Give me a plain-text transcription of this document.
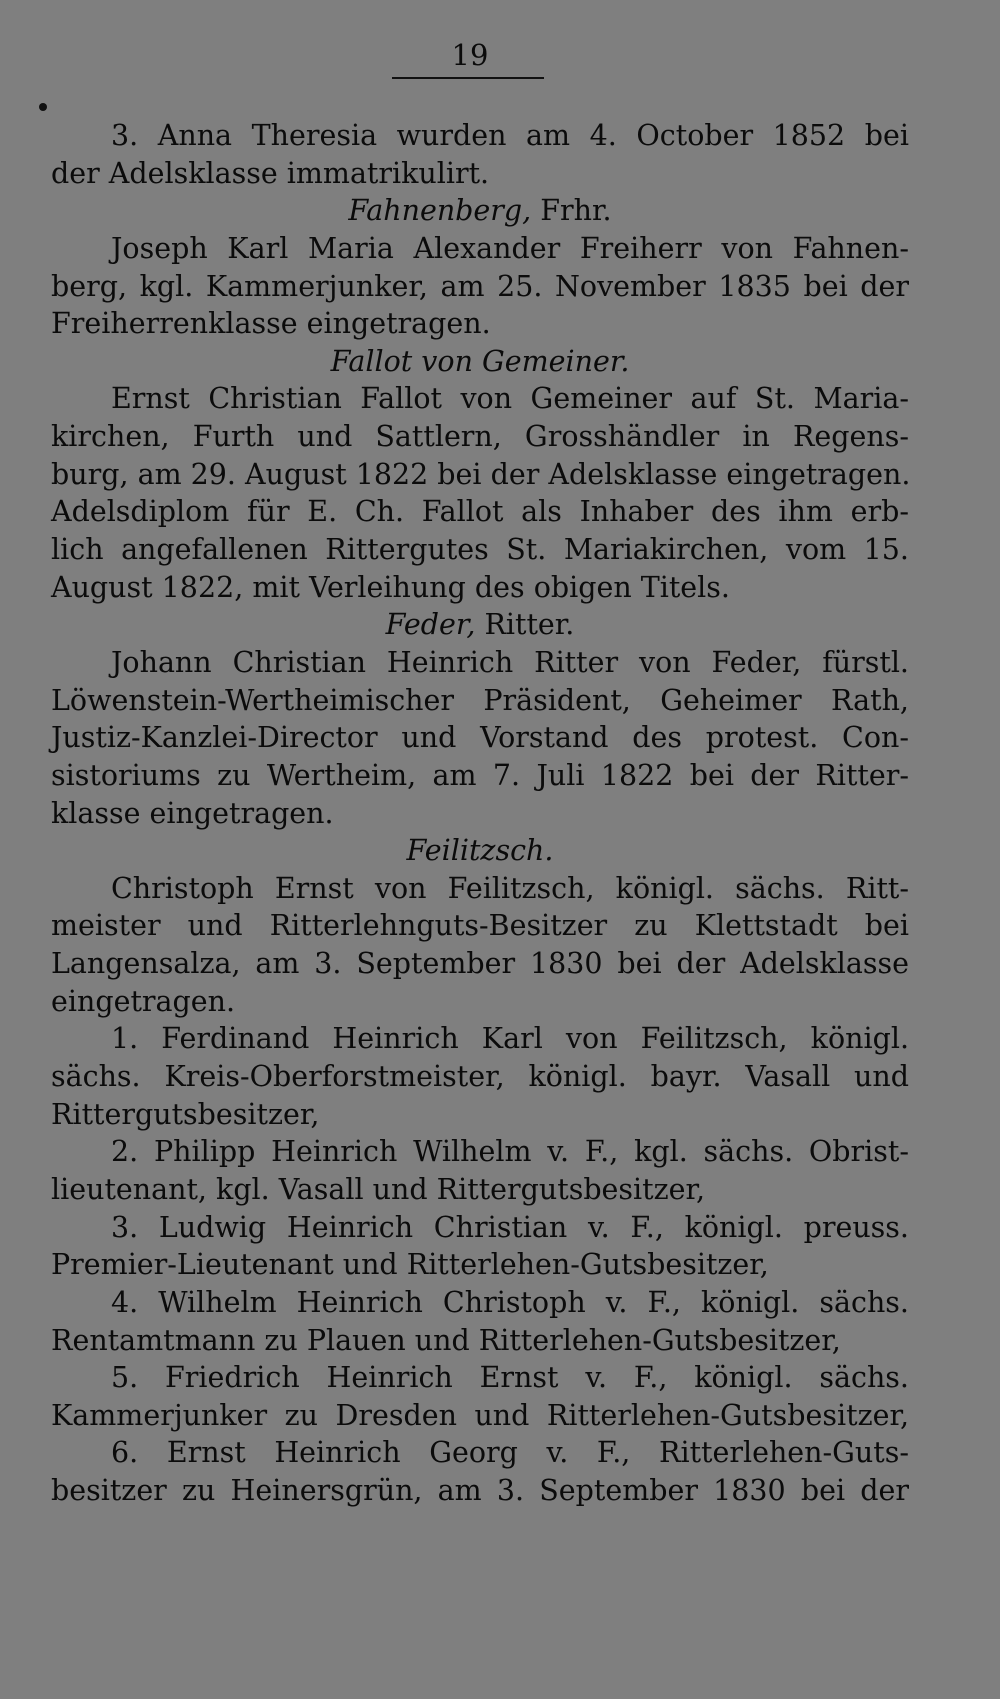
19
3. Anna Theresia wurden am 4. October 1852 bei
der Adelsklasse immatrikulirt.
Fahnenberg, Frhr.
Joseph Karl Maria Alexander Freiherr von Fahnen-
berg, kgl. Kammerjunker, am 25. November 1835 bei der
Freiherrenklasse eingetragen.
Fallot von Gemeiner.
Ernst Christian Fallot von Gemeiner auf St. Maria-
kirchen, Furth und Sattlern, Grosshändler in Regens-
burg, am 29. August 1822 bei der Adelsklasse eingetragen.
Adelsdiplom für E. Ch. Fallot als Inhaber des ihm erb-
lich angefallenen Rittergutes St. Mariakirchen, vom 15.
August 1822, mit Verleihung des obigen Titels.
Feder, Ritter.
Johann Christian Heinrich Ritter von Feder, fürstl.
Löwenstein-Wertheimischer Präsident, Geheimer Rath,
Justiz-Kanzlei-Director und Vorstand des protest. Con-
sistoriums zu Wertheim, am 7. Juli 1822 bei der Ritter-
klasse eingetragen.
Feilitzsch.
Christoph Ernst von Feilitzsch, königl. sächs. Ritt-
meister und Ritterlehnguts-Besitzer zu Klettstadt bei
Langensalza, am 3. September 1830 bei der Adelsklasse
eingetragen.
1. Ferdinand Heinrich Karl von Feilitzsch, königl.
sächs. Kreis-Oberforstmeister, königl. bayr. Vasall und
Rittergutsbesitzer,
2. Philipp Heinrich Wilhelm v. F., kgl. sächs. Obrist-
lieutenant, kgl. Vasall und Rittergutsbesitzer,
3. Ludwig Heinrich Christian v. F., königl. preuss.
Premier-Lieutenant und Ritterlehen-Gutsbesitzer,
4. Wilhelm Heinrich Christoph v. F., königl. sächs.
Rentamtmann zu Plauen und Ritterlehen-Gutsbesitzer,
5. Friedrich Heinrich Ernst v. F., königl. sächs.
Kammerjunker zu Dresden und Ritterlehen-Gutsbesitzer,
6. Ernst Heinrich Georg v. F., Ritterlehen-Guts-
besitzer zu Heinersgrün, am 3. September 1830 bei der
